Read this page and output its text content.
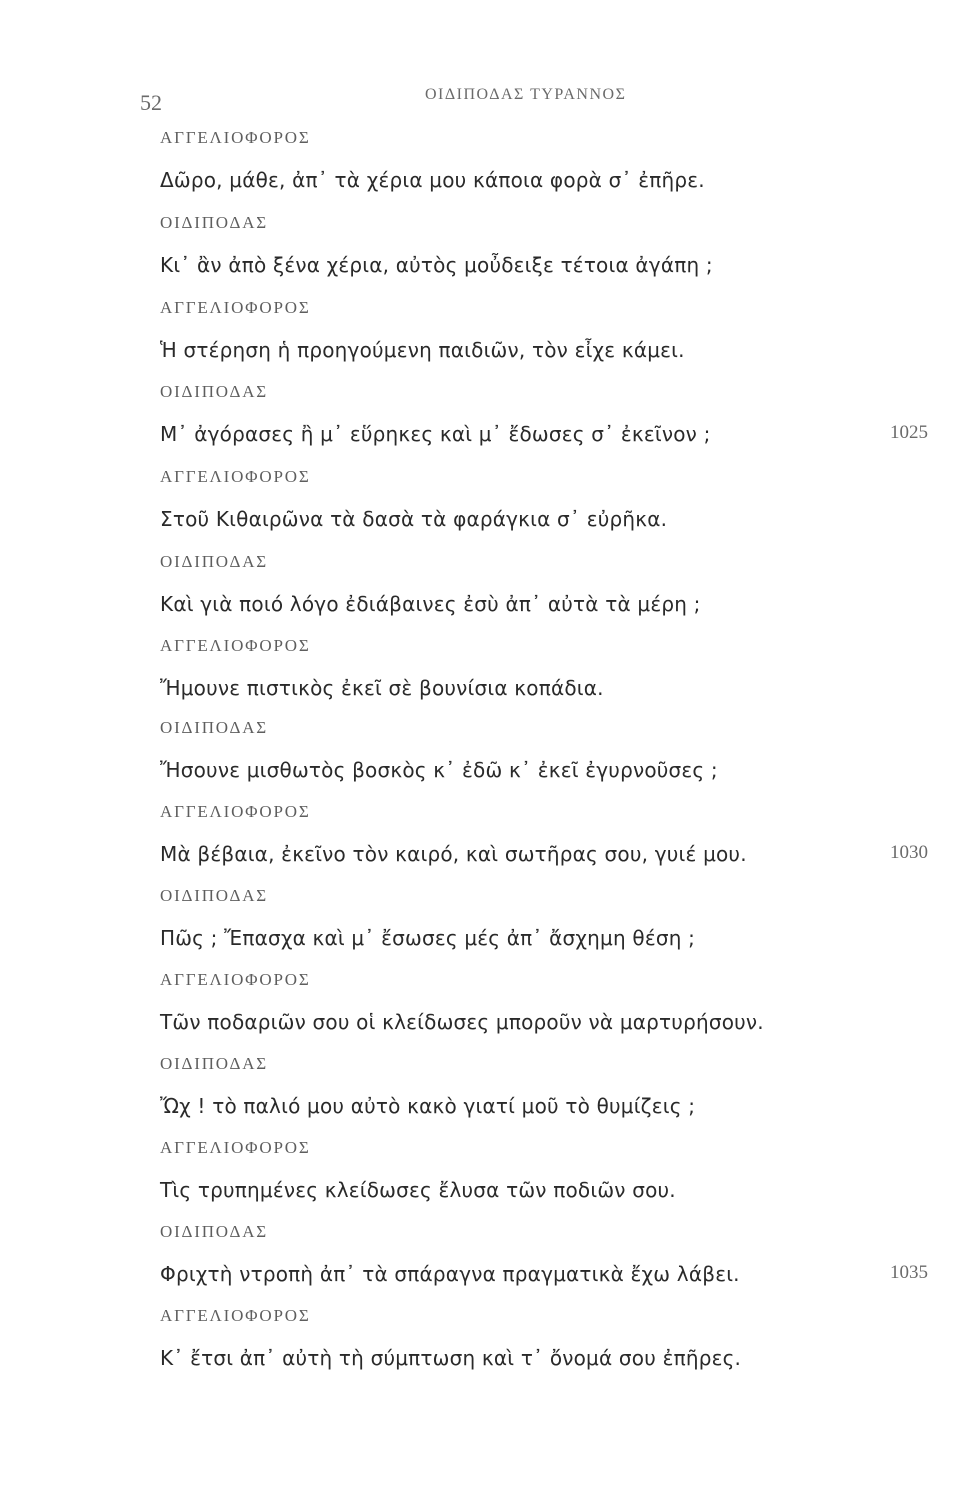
52	ΟΙΔΙΠΟΔΑΣ ΤΥΡΑΝΝΟΣ
ΑΓΓΕΛΙΟΦΟΡΟΣ
Δῶρο, μάθε, ἀπ᾿ τὰ χέρια μου κάποια φορὰ σ᾿ ἐπῆρε.
ΟΙΔΙΠΟΔΑΣ
Κι᾿ ἂν ἀπὸ ξένα χέρια, αὐτὸς μοὖδειξε τέτοια ἀγάπη ;
ΑΓΓΕΛΙΟΦΟΡΟΣ
Ἡ στέρηση ἡ προηγούμενη παιδιῶν, τὸν εἶχε κάμει.
ΟΙΔΙΠΟΔΑΣ
Μ᾿ ἀγόρασες ἢ μ᾿ εὕρηκες καὶ μ᾿ ἔδωσες σ᾿ ἐκεῖνον ;	1025
ΑΓΓΕΛΙΟΦΟΡΟΣ
Στοῦ Κιθαιρῶνα τὰ δασὰ τὰ φαράγκια σ᾿ εὐρῆκα.
ΟΙΔΙΠΟΔΑΣ
Καὶ γιὰ ποιό λόγο ἐδιάβαινες ἐσὺ ἀπ᾿ αὐτὰ τὰ μέρη ;
ΑΓΓΕΛΙΟΦΟΡΟΣ
Ἤμουνε πιστικὸς ἐκεῖ σὲ βουνίσια κοπάδια.
ΟΙΔΙΠΟΔΑΣ
Ἤσουνε μισθωτὸς βοσκὸς κ᾿ ἐδῶ κ᾿ ἐκεῖ ἐγυρνοῦσες ;
ΑΓΓΕΛΙΟΦΟΡΟΣ
Μὰ βέβαια, ἐκεῖνο τὸν καιρό, καὶ σωτῆρας σου, γυιέ μου.	1030
ΟΙΔΙΠΟΔΑΣ
Πῶς ; Ἔπασχα καὶ μ᾿ ἔσωσες μές ἀπ᾿ ἄσχημη θέση ;
ΑΓΓΕΛΙΟΦΟΡΟΣ
Τῶν ποδαριῶν σου οἱ κλείδωσες μποροῦν νὰ μαρτυρήσουν.
ΟΙΔΙΠΟΔΑΣ
Ὤχ ! τὸ παλιό μου αὐτὸ κακὸ γιατί μοῦ τὸ θυμίζεις ;
ΑΓΓΕΛΙΟΦΟΡΟΣ
Τὶς τρυπημένες κλείδωσες ἔλυσα τῶν ποδιῶν σου.
ΟΙΔΙΠΟΔΑΣ
Φριχτὴ ντροπὴ ἀπ᾿ τὰ σπάραγνα πραγματικὰ ἔχω λάβει.	1035
ΑΓΓΕΛΙΟΦΟΡΟΣ
Κ᾿ ἔτσι ἀπ᾿ αὐτὴ τὴ σύμπτωση καὶ τ᾿ ὄνομά σου ἐπῆρες.
